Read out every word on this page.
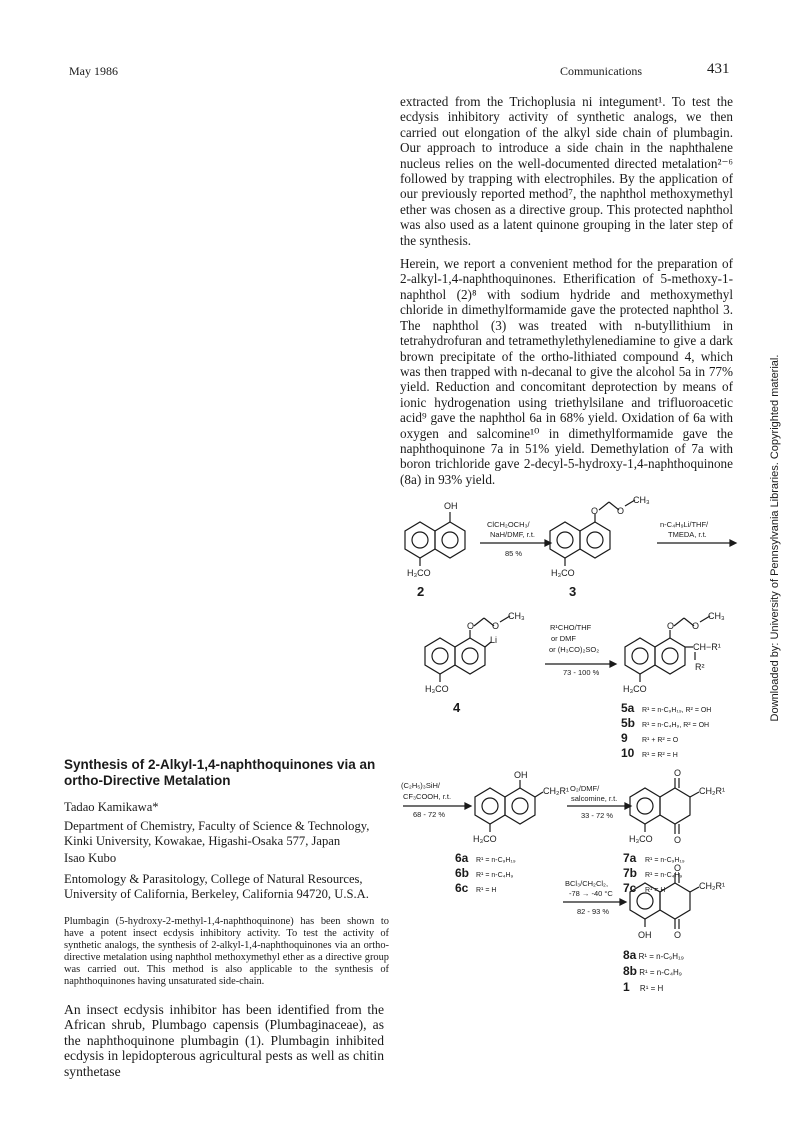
May 1986	Communications	431

extracted from the Trichoplusia ni integument¹. To test the ecdysis inhibitory activity of synthetic analogs, we then carried out elongation of the alkyl side chain of plumbagin. Our approach to introduce a side chain in the naphthalene nucleus relies on the well-documented directed metalation²⁻⁶ followed by trapping with electrophiles. By the application of our previously reported method⁷, the naphthol methoxymethyl ether was chosen as a directive group. This protected naphthol was also used as a latent quinone grouping in the later step of the synthesis.

Herein, we report a convenient method for the preparation of 2-alkyl-1,4-naphthoquinones. Etherification of 5-methoxy-1-naphthol (2)⁸ with sodium hydride and methoxymethyl chloride in dimethylformamide gave the protected naphthol 3. The naphthol (3) was treated with n-butyllithium in tetrahydrofuran and tetramethylethylenediamine to give a dark brown precipitate of the ortho-lithiated compound 4, which was then trapped with n-decanal to give the alcohol 5a in 77% yield. Reduction and concomitant deprotection by means of ionic hydrogenation using triethylsilane and trifluoroacetic acid⁹ gave the naphthol 6a in 68% yield. Oxidation of 6a with oxygen and salcomine¹⁰ in dimethylformamide gave the naphthoquinone 7a in 51% yield. Demethylation of 7a with boron trichloride gave 2-decyl-5-hydroxy-1,4-naphthoquinone (8a) in 93% yield.

OH
H₃CO
O O
CH₃
H₃CO
ClCH₂OCH₃/
NaH/DMF, r.t.
85 %
n-C₄H₉Li/THF/
TMEDA, r.t.
2	3
O O
CH₃
Li
H₃CO
R¹CHO/THF
or DMF
or (H₃CO)₂SO₂
73 - 100 %
O O
CH₃
CH−R¹
R²
H₃CO
4	5a R¹ = n-C₉H₁₉, R² = OH
5b R¹ = n-C₄H₉, R² = OH
9 R¹ + R² = O
10 R¹ = R² = H
(C₂H₅)₃SiH/
CF₃COOH, r.t.
68 - 72 %
OH
CH₂R¹
H₃CO
O₂/DMF/
salcomine, r.t.
33 - 72 %
O
CH₂R¹
O
H₃CO
6a R¹ = n-C₉H₁₉
6b R¹ = n-C₄H₉
6c R¹ = H
7a R¹ = n-C₉H₁₉
7b R¹ = n-C₄H₉
7c R¹ = H
BCl₃/CH₂Cl₂,
-78 → -40 °C
82 - 93 %
O
CH₂R¹
O
OH
8a R¹ = n-C₉H₁₉
8b R¹ = n-C₄H₉
1 R¹ = H
Synthesis of 2-Alkyl-1,4-naphthoquinones via an ortho-Directive Metalation
Tadao Kamikawa*
Department of Chemistry, Faculty of Science & Technology, Kinki University, Kowakae, Higashi-Osaka 577, Japan
Isao Kubo
Entomology & Parasitology, College of Natural Resources, University of California, Berkeley, California 94720, U.S.A.
Plumbagin (5-hydroxy-2-methyl-1,4-naphthoquinone) has been shown to have a potent insect ecdysis inhibitory activity. To test the activity of synthetic analogs, the synthesis of 2-alkyl-1,4-naphthoquinones via an ortho-directive metalation using naphthol methoxymethyl ether as a directive group was carried out. This method is also applicable to the synthesis of naphthoquinones having unsaturated side-chain.
An insect ecdysis inhibitor has been identified from the African shrub, Plumbago capensis (Plumbaginaceae), as the naphthoquinone plumbagin (1). Plumbagin inhibited ecdysis in lepidopterous agricultural pests as well as chitin synthetase
Downloaded by: University of Pennsylvania Libraries. Copyrighted material.
